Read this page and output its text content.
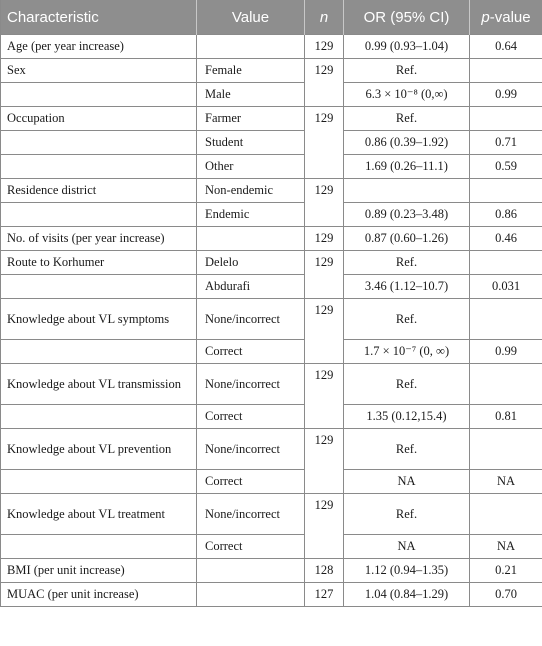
Characteristic	Value	n	OR (95% CI)	p-value
Age (per year increase)		129	0.99 (0.93–1.04)	0.64
Sex	Female	129	Ref.	
	Male		6.3 × 10⁻⁸ (0,∞)	0.99
Occupation	Farmer	129	Ref.	
	Student		0.86 (0.39–1.92)	0.71
	Other		1.69 (0.26–11.1)	0.59
Residence district	Non-endemic	129		
	Endemic		0.89 (0.23–3.48)	0.86
No. of visits (per year increase)		129	0.87 (0.60–1.26)	0.46
Route to Korhumer	Delelo	129	Ref.	
	Abdurafi		3.46 (1.12–10.7)	0.031
Knowledge about VL symptoms	None/incorrect	129	Ref.	
	Correct		1.7 × 10⁻⁷ (0, ∞)	0.99
Knowledge about VL transmission	None/incorrect	129	Ref.	
	Correct		1.35 (0.12,15.4)	0.81
Knowledge about VL prevention	None/incorrect	129	Ref.	
	Correct		NA	NA
Knowledge about VL treatment	None/incorrect	129	Ref.	
	Correct		NA	NA
BMI (per unit increase)		128	1.12 (0.94–1.35)	0.21
MUAC (per unit increase)		127	1.04 (0.84–1.29)	0.70
